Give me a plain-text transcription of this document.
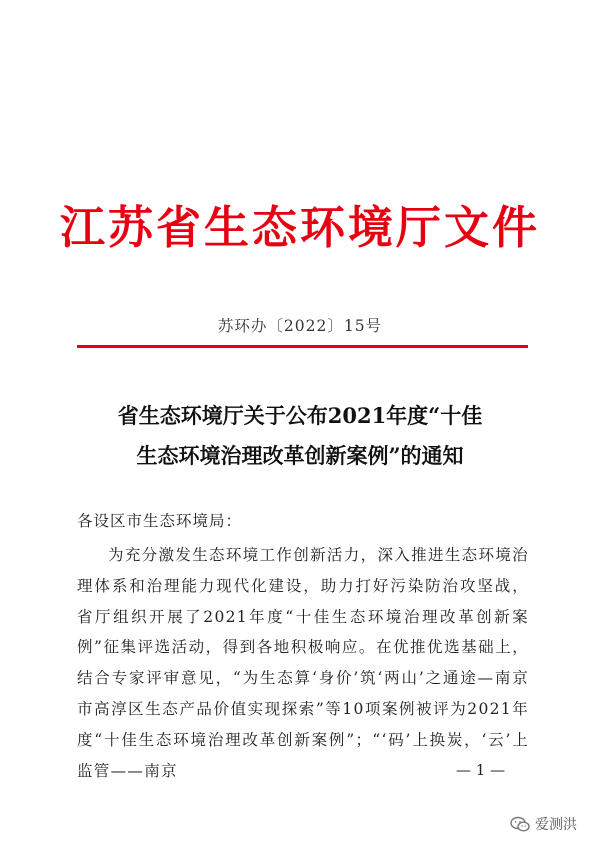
江苏省生态环境厅文件
苏环办〔2022〕15号
省生态环境厅关于公布2021年度“十佳
生态环境治理改革创新案例”的通知
各设区市生态环境局：

为充分激发生态环境工作创新活力，深入推进生态环境治理体系和治理能力现代化建设，助力打好污染防治攻坚战，省厅组织开展了2021年度“十佳生态环境治理改革创新案例”征集评选活动，得到各地积极响应。在优推优选基础上，结合专家评审意见，“为生态算‘身价’筑‘两山’之通途—南京市高淳区生态产品价值实现探索”等10项案例被评为2021年度“十佳生态环境治理改革创新案例”；“‘码’上换炭，‘云’上监管——南京	— 1 —
爱测洪
